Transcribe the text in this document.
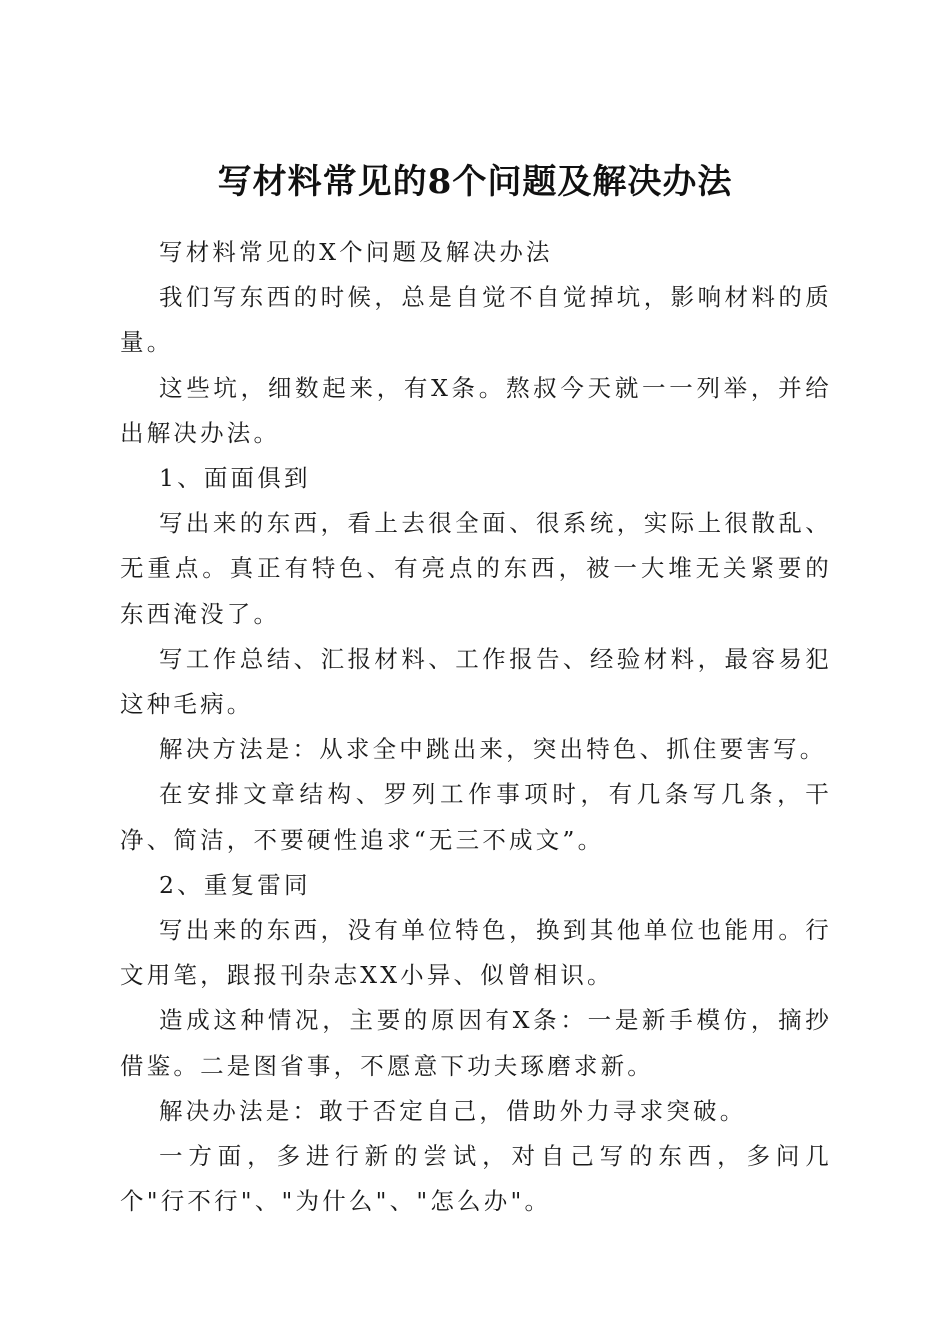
写材料常见的8个问题及解决办法

写材料常见的X个问题及解决办法

我们写东西的时候，总是自觉不自觉掉坑，影响材料的质量。

这些坑，细数起来，有X条。熬叔今天就一一列举，并给出解决办法。

1、面面俱到

写出来的东西，看上去很全面、很系统，实际上很散乱、无重点。真正有特色、有亮点的东西，被一大堆无关紧要的东西淹没了。

写工作总结、汇报材料、工作报告、经验材料，最容易犯这种毛病。

解决方法是：从求全中跳出来，突出特色、抓住要害写。

在安排文章结构、罗列工作事项时，有几条写几条，干净、简洁，不要硬性追求“无三不成文”。

2、重复雷同

写出来的东西，没有单位特色，换到其他单位也能用。行文用笔，跟报刊杂志XX小异、似曾相识。

造成这种情况，主要的原因有X条：一是新手模仿，摘抄借鉴。二是图省事，不愿意下功夫琢磨求新。

解决办法是：敢于否定自己，借助外力寻求突破。

一方面，多进行新的尝试，对自己写的东西，多问几个"行不行"、"为什么"、"怎么办"。
